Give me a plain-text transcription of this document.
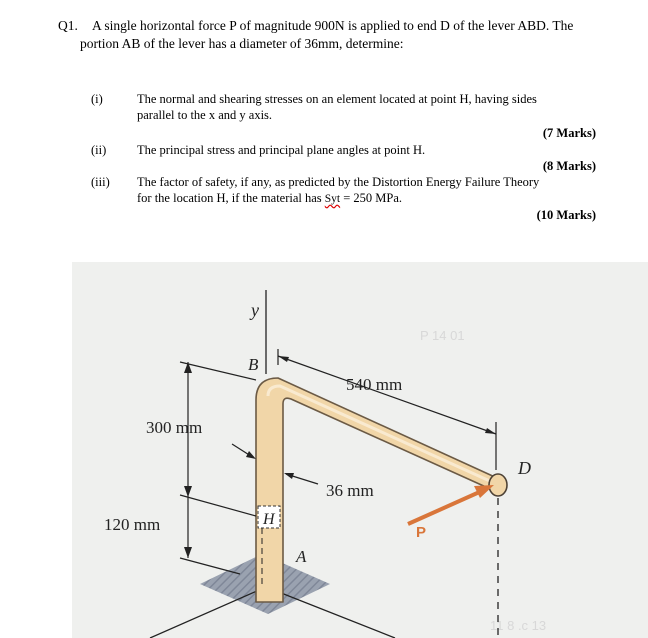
Q1. A single horizontal force P of magnitude 900N is applied to end D of the lever ABD. The
portion AB of the lever has a diameter of 36mm, determine:
(i)	The normal and shearing stresses on an element located at point H, having sides
parallel to the x and y axis.
(7 Marks)
(ii) The principal stress and principal plane angles at point H.
(8 Marks)
(iii) The factor of safety, if any, as predicted by the Distortion Energy Failure Theory
for the location H, if the material has Syt = 250 MPa.
(10 Marks)
P 14 01
11 8 .c 13
y
B
H
A
D
P
540 mm
300 mm
36 mm
120 mm
